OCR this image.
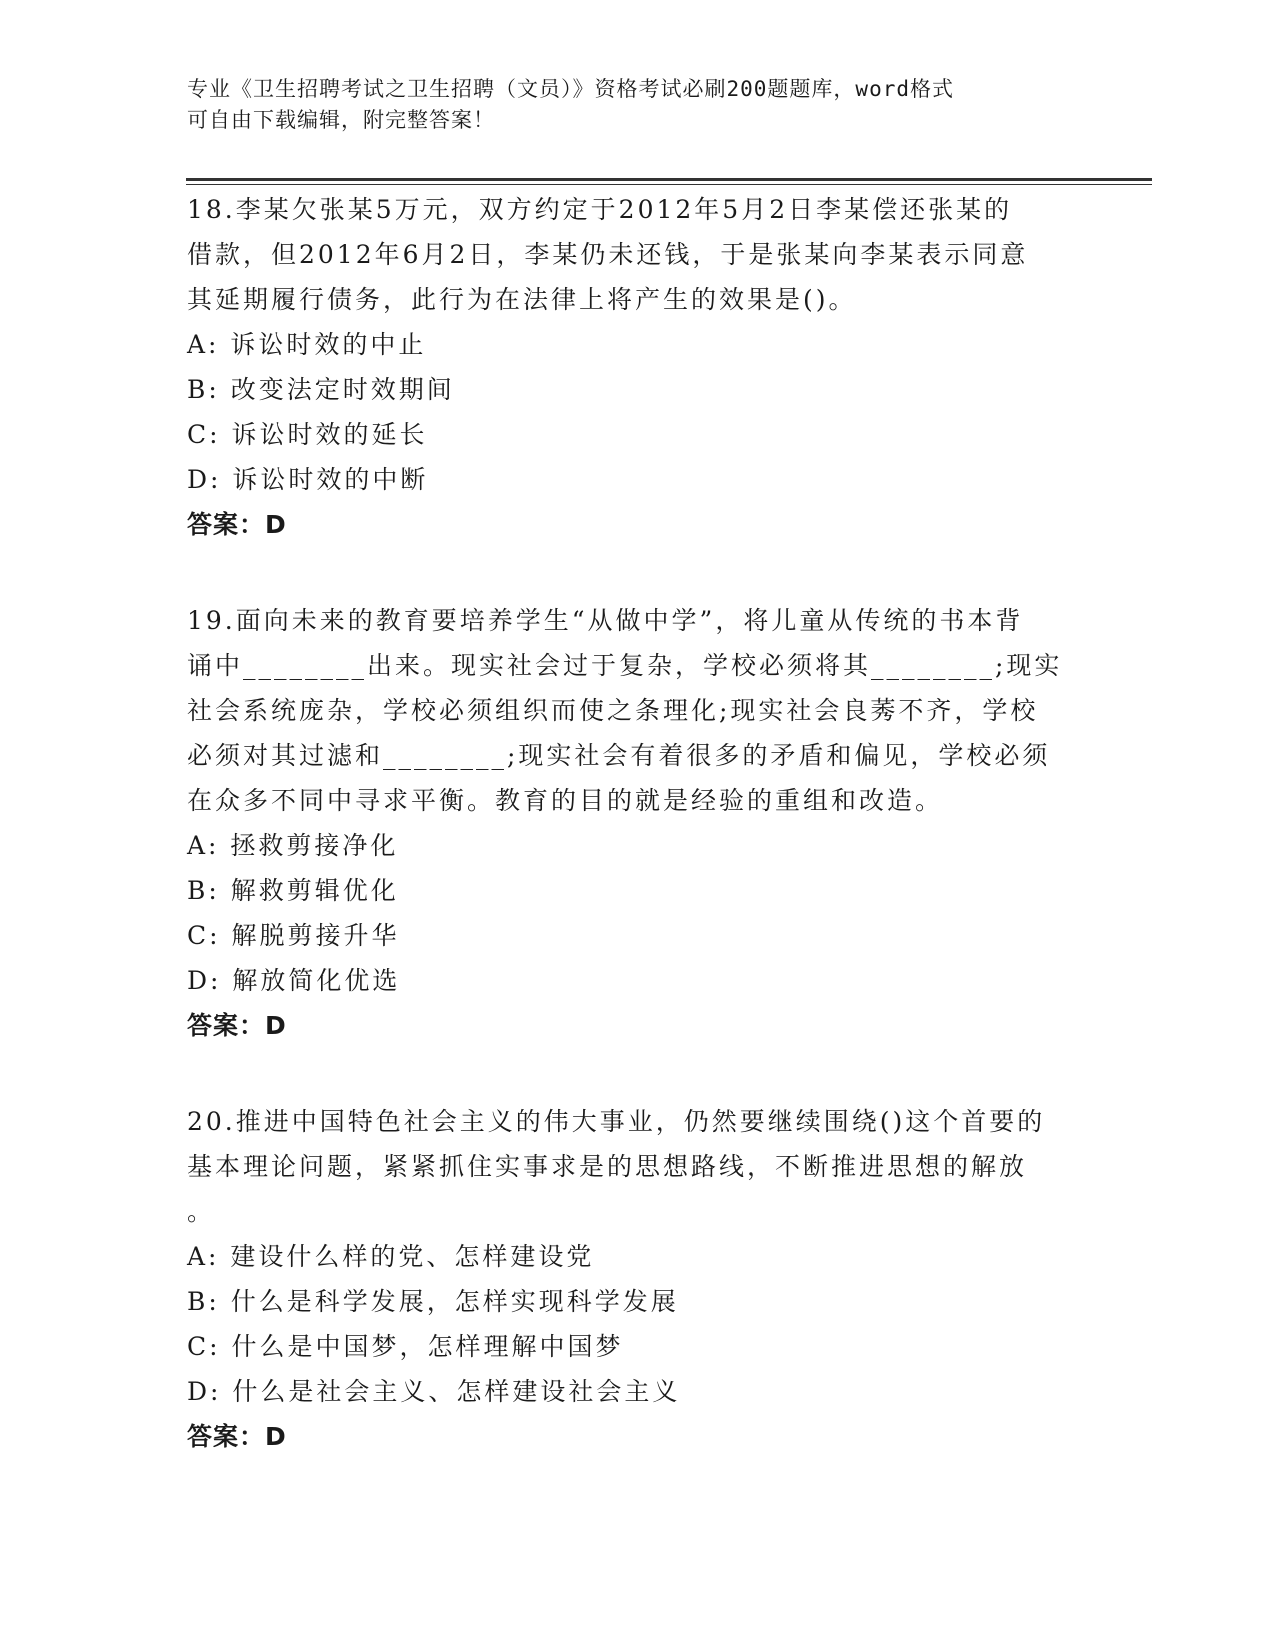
专业《卫生招聘考试之卫生招聘（文员）》资格考试必刷200题题库，word格式
可自由下载编辑，附完整答案！

18.李某欠张某5万元，双方约定于2012年5月2日李某偿还张某的

借款，但2012年6月2日，李某仍未还钱，于是张某向李某表示同意

其延期履行债务，此行为在法律上将产生的效果是()。

A: 诉讼时效的中止

B: 改变法定时效期间

C: 诉讼时效的延长

D: 诉讼时效的中断

答案：D

19.面向未来的教育要培养学生“从做中学”，将儿童从传统的书本背

诵中________出来。现实社会过于复杂，学校必须将其________;现实

社会系统庞杂，学校必须组织而使之条理化;现实社会良莠不齐，学校

必须对其过滤和________;现实社会有着很多的矛盾和偏见，学校必须

在众多不同中寻求平衡。教育的目的就是经验的重组和改造。

A: 拯救剪接净化

B: 解救剪辑优化

C: 解脱剪接升华

D: 解放简化优选

答案：D

20.推进中国特色社会主义的伟大事业，仍然要继续围绕()这个首要的

基本理论问题，紧紧抓住实事求是的思想路线，不断推进思想的解放

。

A: 建设什么样的党、怎样建设党

B: 什么是科学发展，怎样实现科学发展

C: 什么是中国梦，怎样理解中国梦

D: 什么是社会主义、怎样建设社会主义

答案：D
